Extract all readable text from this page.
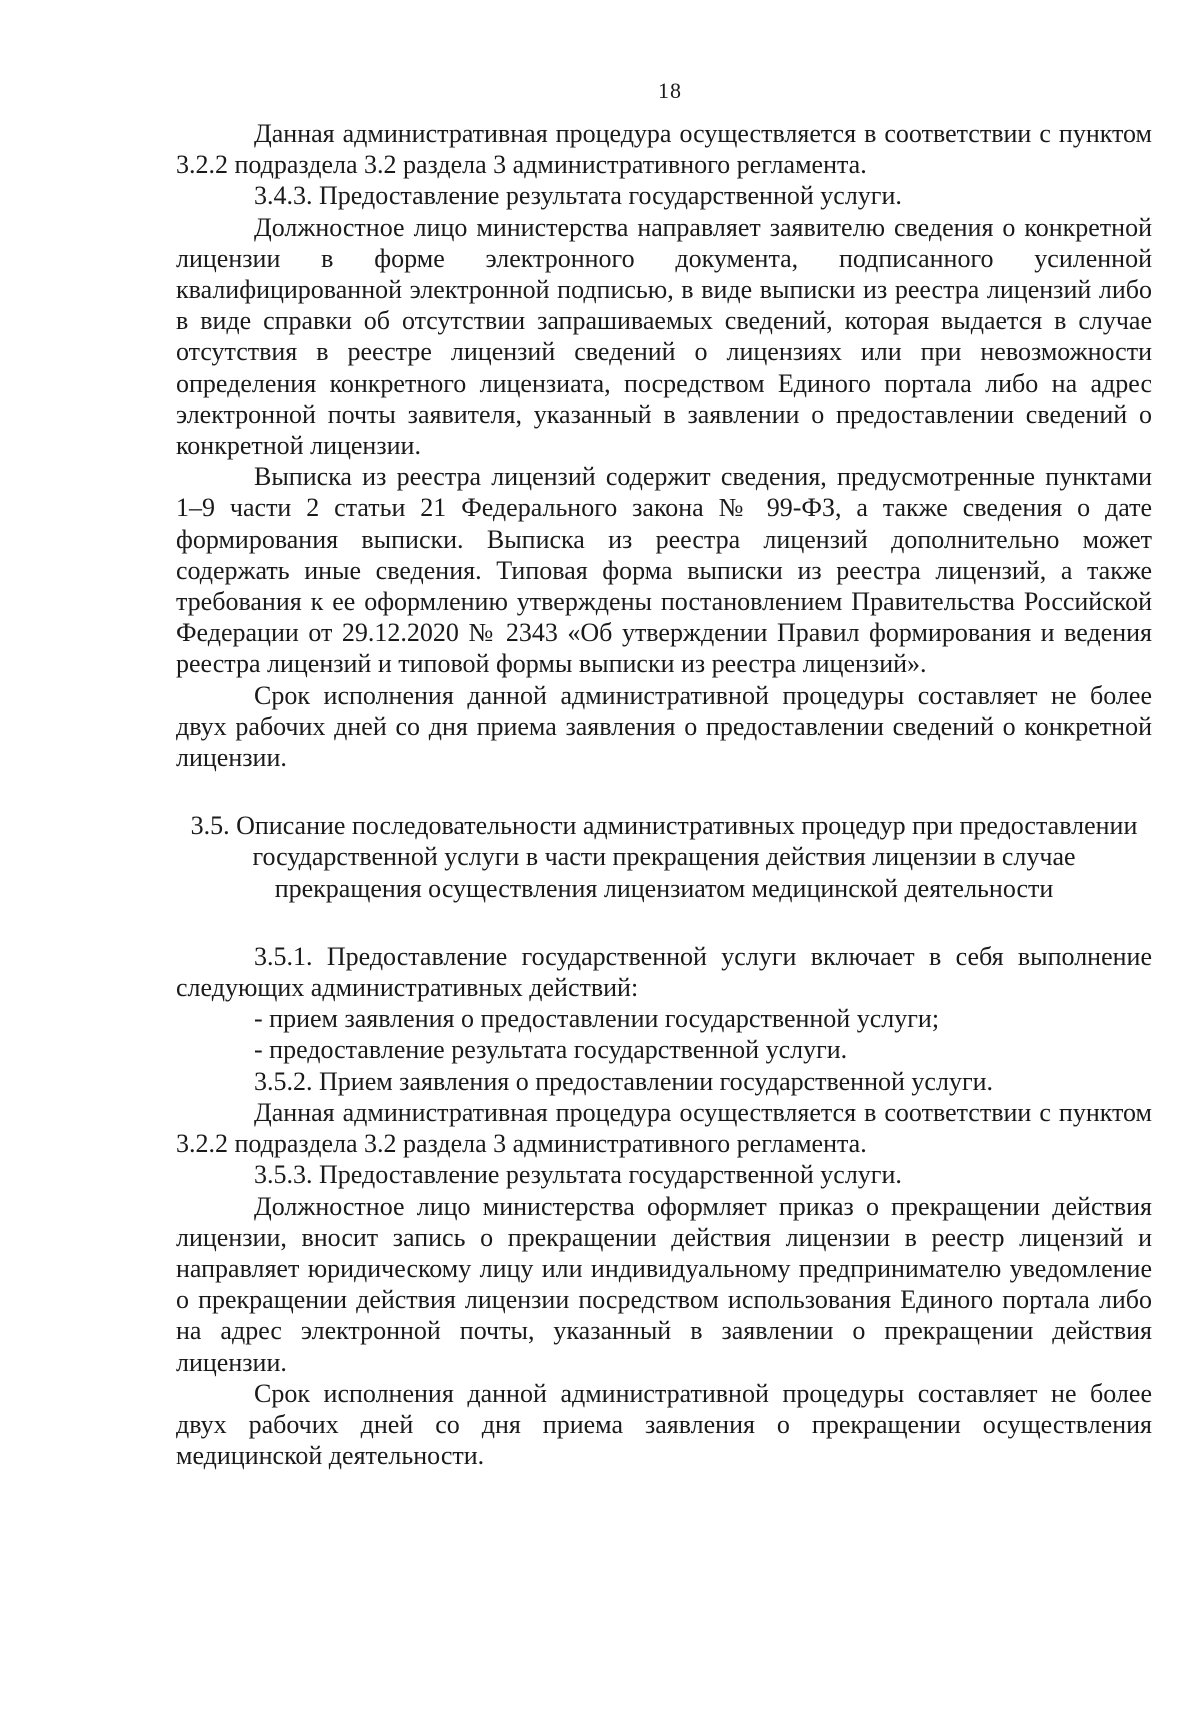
18

Данная административная процедура осуществляется в соответствии с пунктом 3.2.2 подраздела 3.2 раздела 3 административного регламента.

3.4.3. Предоставление результата государственной услуги.

Должностное лицо министерства направляет заявителю сведения о конкретной лицензии в форме электронного документа, подписанного усиленной квалифицированной электронной подписью, в виде выписки из реестра лицензий либо в виде справки об отсутствии запрашиваемых сведений, которая выдается в случае отсутствия в реестре лицензий сведений о лицензиях или при невозможности определения конкретного лицензиата, посредством Единого портала либо на адрес электронной почты заявителя, указанный в заявлении о предоставлении сведений о конкретной лицензии.

Выписка из реестра лицензий содержит сведения, предусмотренные пунктами 1–9 части 2 статьи 21 Федерального закона № 99-ФЗ, а также сведения о дате формирования выписки. Выписка из реестра лицензий дополнительно может содержать иные сведения. Типовая форма выписки из реестра лицензий, а также требования к ее оформлению утверждены постановлением Правительства Российской Федерации от 29.12.2020 № 2343 «Об утверждении Правил формирования и ведения реестра лицензий и типовой формы выписки из реестра лицензий».

Срок исполнения данной административной процедуры составляет не более двух рабочих дней со дня приема заявления о предоставлении сведений о конкретной лицензии.

3.5. Описание последовательности административных процедур при предоставлении государственной услуги в части прекращения действия лицензии в случае прекращения осуществления лицензиатом медицинской деятельности

3.5.1. Предоставление государственной услуги включает в себя выполнение следующих административных действий:

- прием заявления о предоставлении государственной услуги;

- предоставление результата государственной услуги.

3.5.2. Прием заявления о предоставлении государственной услуги.

Данная административная процедура осуществляется в соответствии с пунктом 3.2.2 подраздела 3.2 раздела 3 административного регламента.

3.5.3. Предоставление результата государственной услуги.

Должностное лицо министерства оформляет приказ о прекращении действия лицензии, вносит запись о прекращении действия лицензии в реестр лицензий и направляет юридическому лицу или индивидуальному предпринимателю уведомление о прекращении действия лицензии посредством использования Единого портала либо на адрес электронной почты, указанный в заявлении о прекращении действия лицензии.

Срок исполнения данной административной процедуры составляет не более двух рабочих дней со дня приема заявления о прекращении осуществления медицинской деятельности.
